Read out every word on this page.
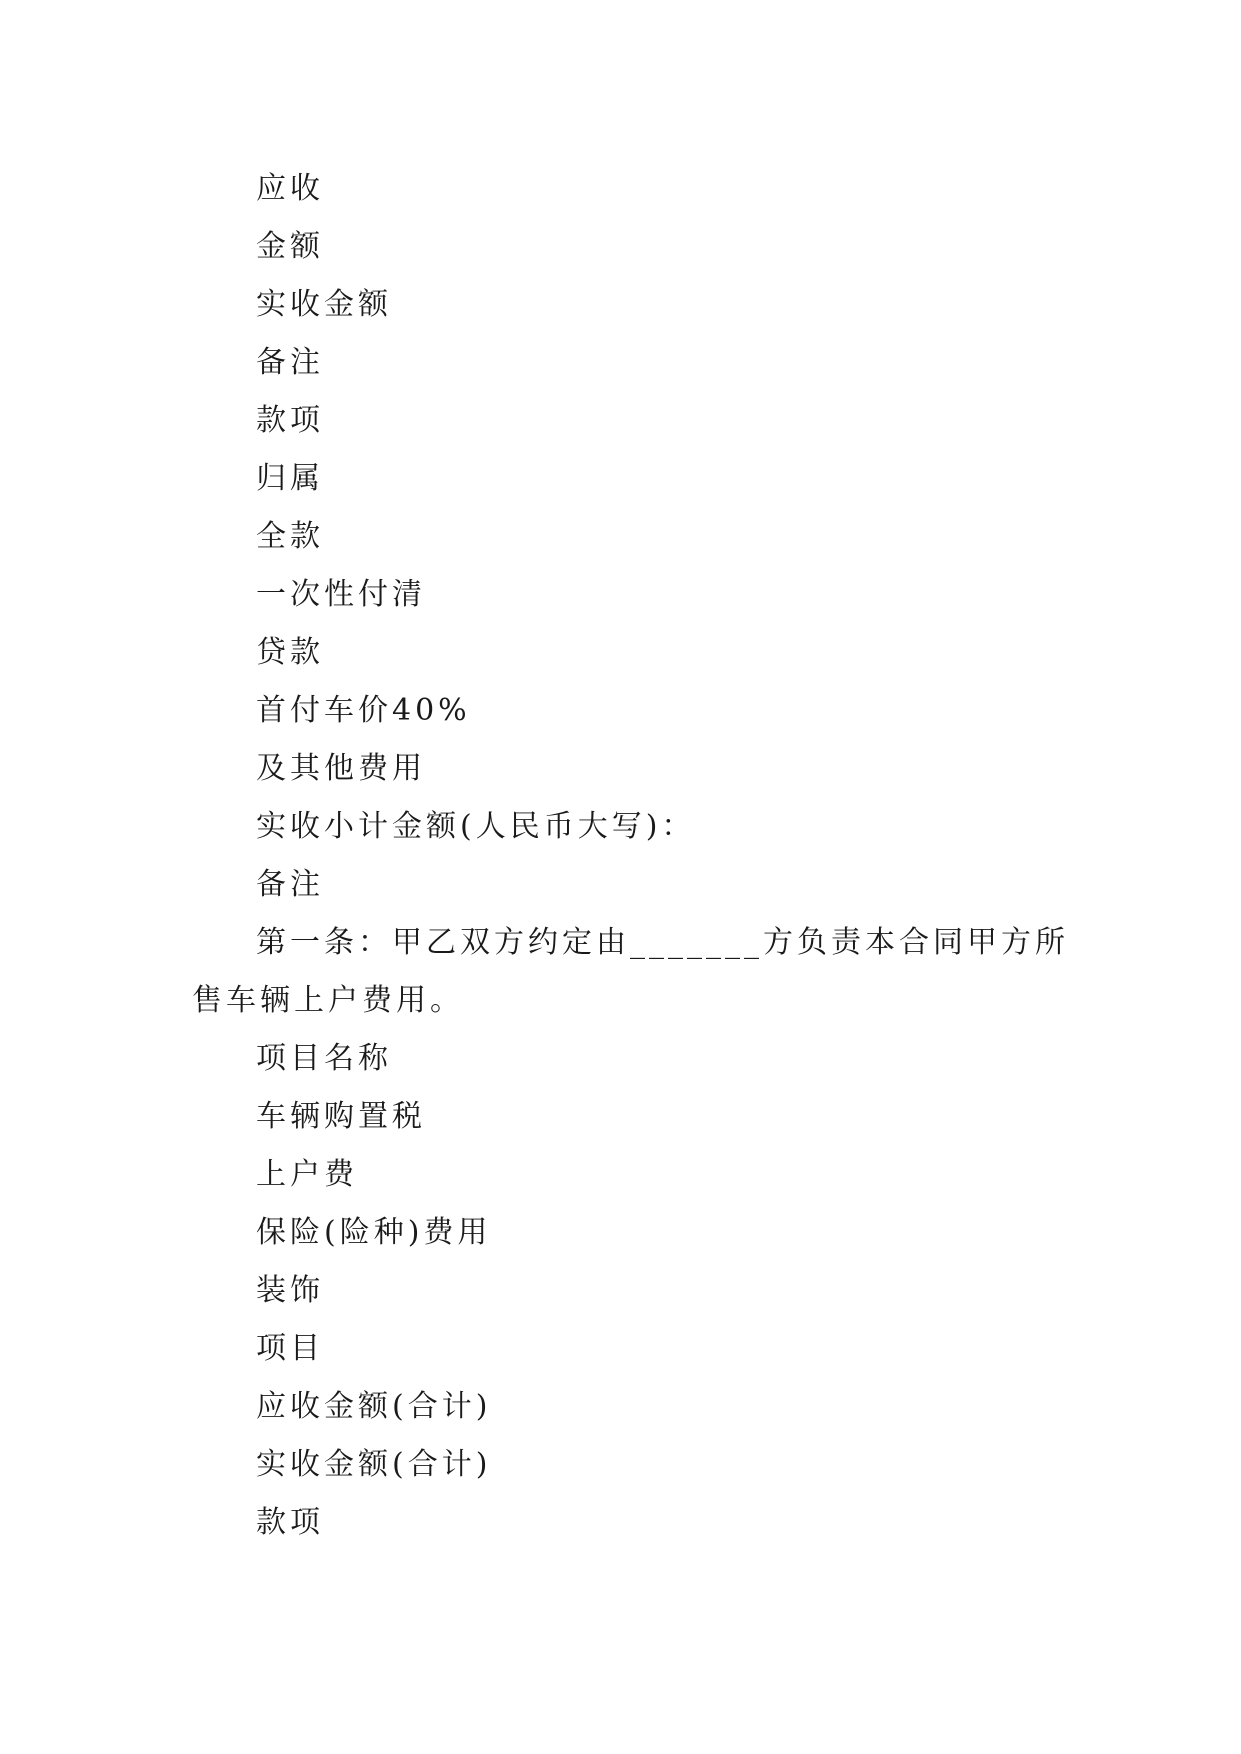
应收

金额

实收金额

备注

款项

归属

全款

一次性付清

贷款

首付车价40%

及其他费用

实收小计金额(人民币大写)：

备注

第一条：甲乙双方约定由_______方负责本合同甲方所

售车辆上户费用。

项目名称

车辆购置税

上户费

保险(险种)费用

装饰

项目

应收金额(合计)

实收金额(合计)

款项
